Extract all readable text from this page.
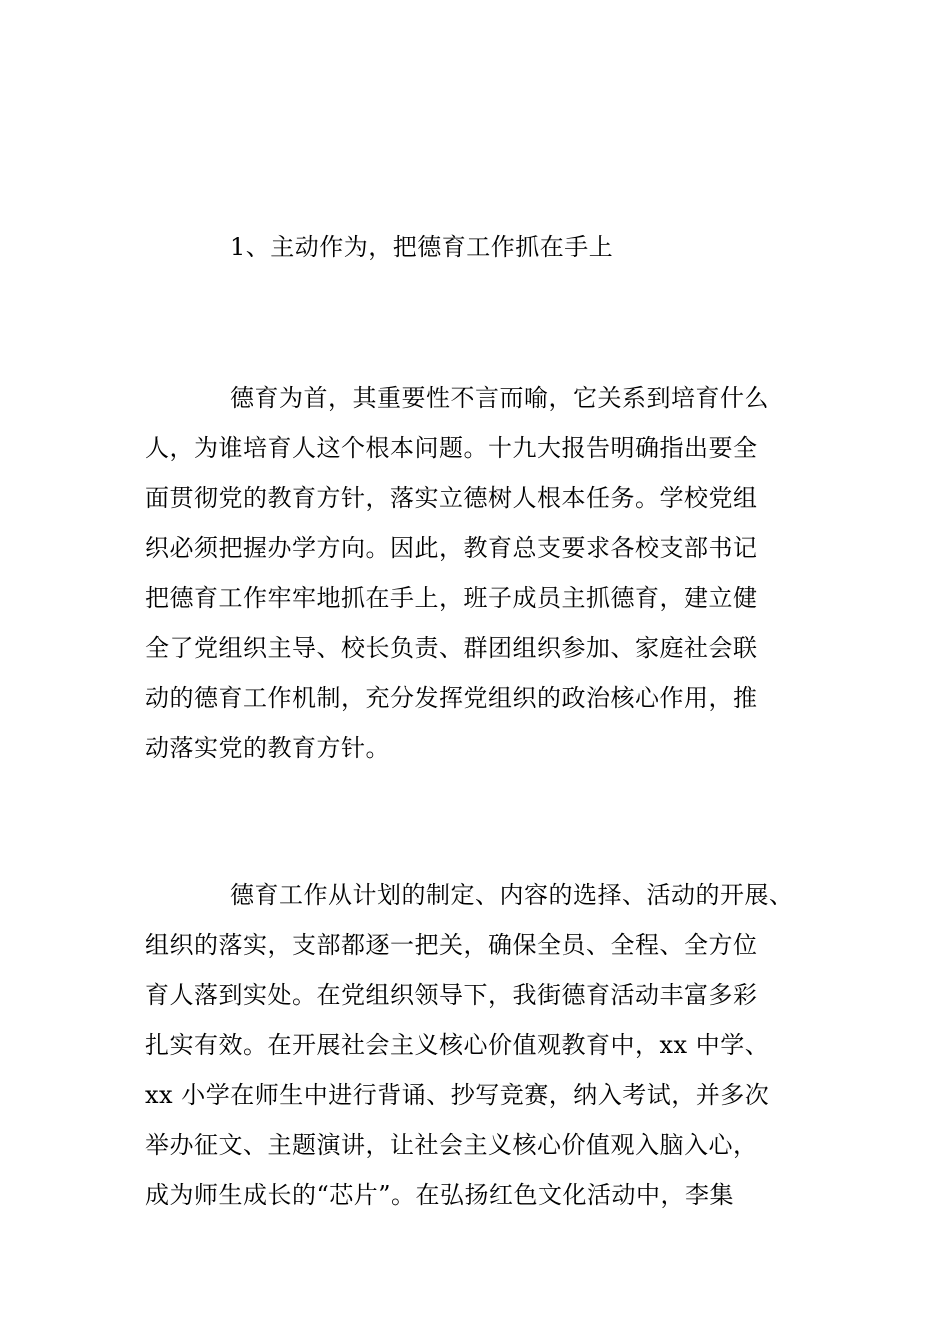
1、主动作为，把德育工作抓在手上
德育为首，其重要性不言而喻，它关系到培育什么
人，为谁培育人这个根本问题。十九大报告明确指出要全
面贯彻党的教育方针，落实立德树人根本任务。学校党组
织必须把握办学方向。因此，教育总支要求各校支部书记
把德育工作牢牢地抓在手上，班子成员主抓德育，建立健
全了党组织主导、校长负责、群团组织参加、家庭社会联
动的德育工作机制，充分发挥党组织的政治核心作用，推
动落实党的教育方针。
德育工作从计划的制定、内容的选择、活动的开展、
组织的落实，支部都逐一把关，确保全员、全程、全方位
育人落到实处。在党组织领导下，我街德育活动丰富多彩
扎实有效。在开展社会主义核心价值观教育中，xx 中学、
xx 小学在师生中进行背诵、抄写竞赛，纳入考试，并多次
举办征文、主题演讲，让社会主义核心价值观入脑入心，
成为师生成长的“芯片”。在弘扬红色文化活动中，李集
